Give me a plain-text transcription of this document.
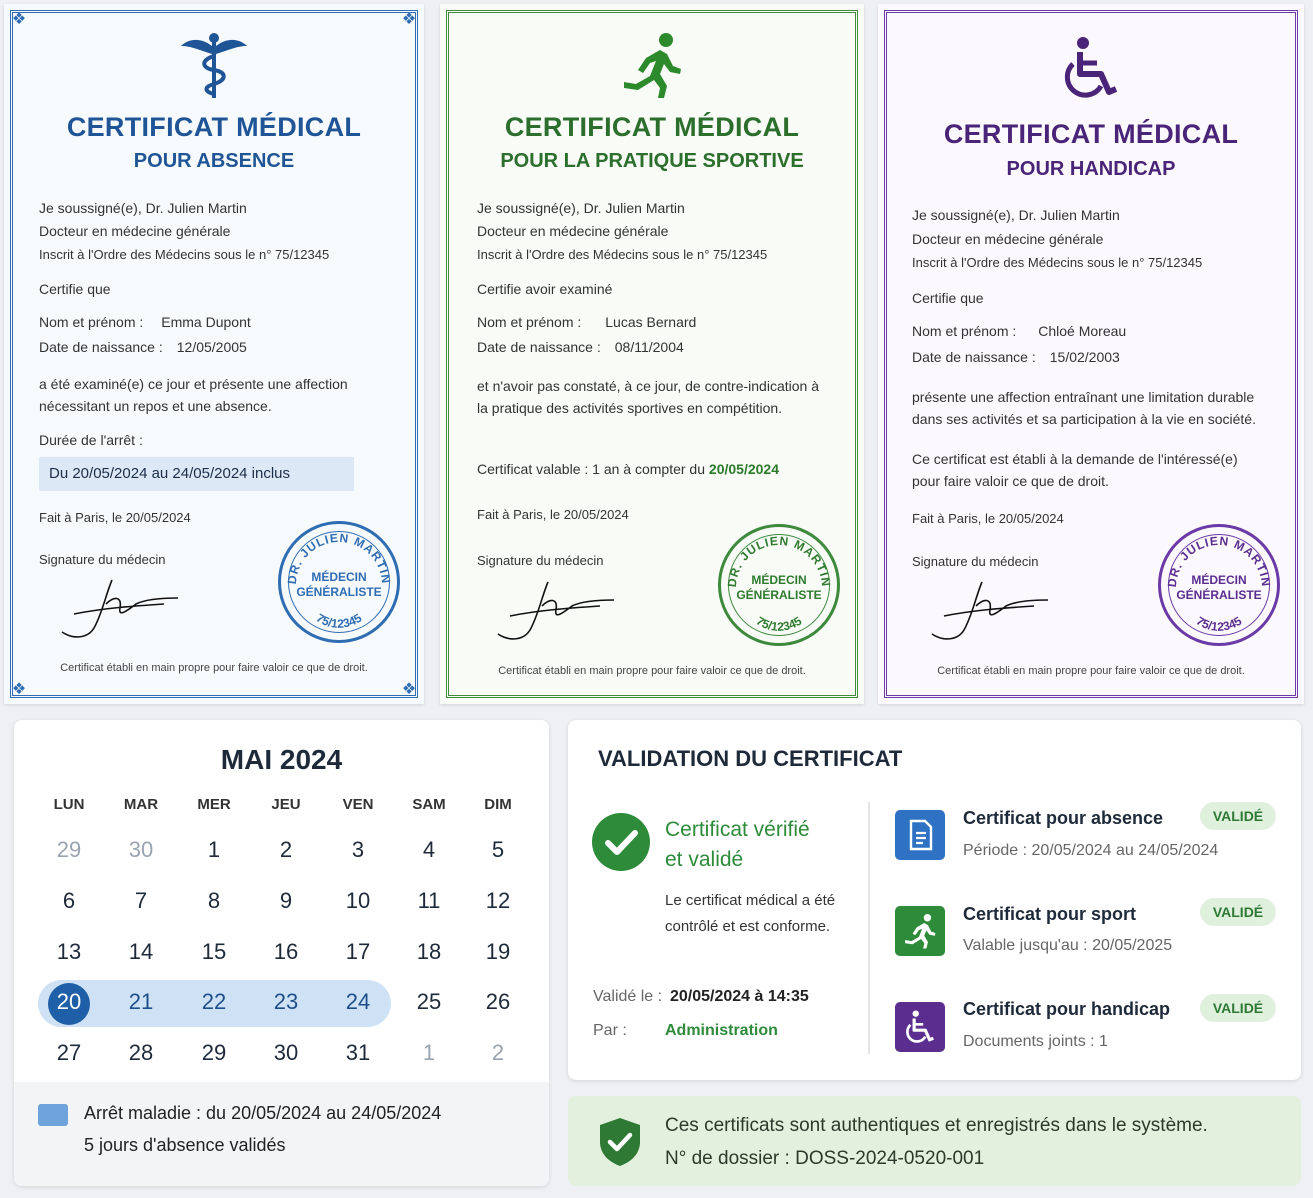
❖	❖
❖	❖
CERTIFICAT MÉDICAL
POUR ABSENCE
Je soussigné(e), Dr. Julien Martin
Docteur en médecine générale
Inscrit à l'Ordre des Médecins sous le n° 75/12345
Certifie que
Nom et prénom : Emma Dupont
Date de naissance : 12/05/2005
a été examiné(e) ce jour et présente une affection nécessitant un repos et une absence.
Durée de l'arrêt :
Du 20/05/2024 au 24/05/2024 inclus
Fait à Paris, le 20/05/2024
Signature du médecin
DR. JULIEN MARTIN
75/12345
MÉDECIN
GÉNÉRALISTE
Certificat établi en main propre pour faire valoir ce que de droit.
CERTIFICAT MÉDICAL
POUR LA PRATIQUE SPORTIVE
Je soussigné(e), Dr. Julien Martin
Docteur en médecine générale
Inscrit à l'Ordre des Médecins sous le n° 75/12345
Certifie avoir examiné
Nom et prénom : Lucas Bernard
Date de naissance : 08/11/2004
et n'avoir pas constaté, à ce jour, de contre-indication à la pratique des activités sportives en compétition.
Certificat valable : 1 an à compter du 20/05/2024
Fait à Paris, le 20/05/2024
Signature du médecin
DR. JULIEN MARTIN
75/12345
MÉDECIN
GÉNÉRALISTE
Certificat établi en main propre pour faire valoir ce que de droit.
CERTIFICAT MÉDICAL
POUR HANDICAP
Je soussigné(e), Dr. Julien Martin
Docteur en médecine générale
Inscrit à l'Ordre des Médecins sous le n° 75/12345
Certifie que
Nom et prénom : Chloé Moreau
Date de naissance : 15/02/2003
présente une affection entraînant une limitation durable dans ses activités et sa participation à la vie en société.
Ce certificat est établi à la demande de l'intéressé(e) pour faire valoir ce que de droit.
Fait à Paris, le 20/05/2024
Signature du médecin
DR. JULIEN MARTIN
75/12345
MÉDECIN
GÉNÉRALISTE
Certificat établi en main propre pour faire valoir ce que de droit.
MAI 2024
LUN	MAR	MER	JEU	VEN	SAM	DIM
29	30	1	2	3	4	5
6	7	8	9	10	11	12
13	14	15	16	17	18	19
20	21	22	23	24	25	26
27	28	29	30	31	1	2
Arrêt maladie : du 20/05/2024 au 24/05/2024
5 jours d'absence validés
VALIDATION DU CERTIFICAT
Certificat vérifié
et validé
Le certificat médical a été
contrôlé et est conforme.
Validé le : 20/05/2024 à 14:35
Par : Administration
Certificat pour absence
Période : 20/05/2024 au 24/05/2024
VALIDÉ
Certificat pour sport
Valable jusqu'au : 20/05/2025
VALIDÉ
Certificat pour handicap
Documents joints : 1
VALIDÉ
Ces certificats sont authentiques et enregistrés dans le système.
N° de dossier : DOSS-2024-0520-001
